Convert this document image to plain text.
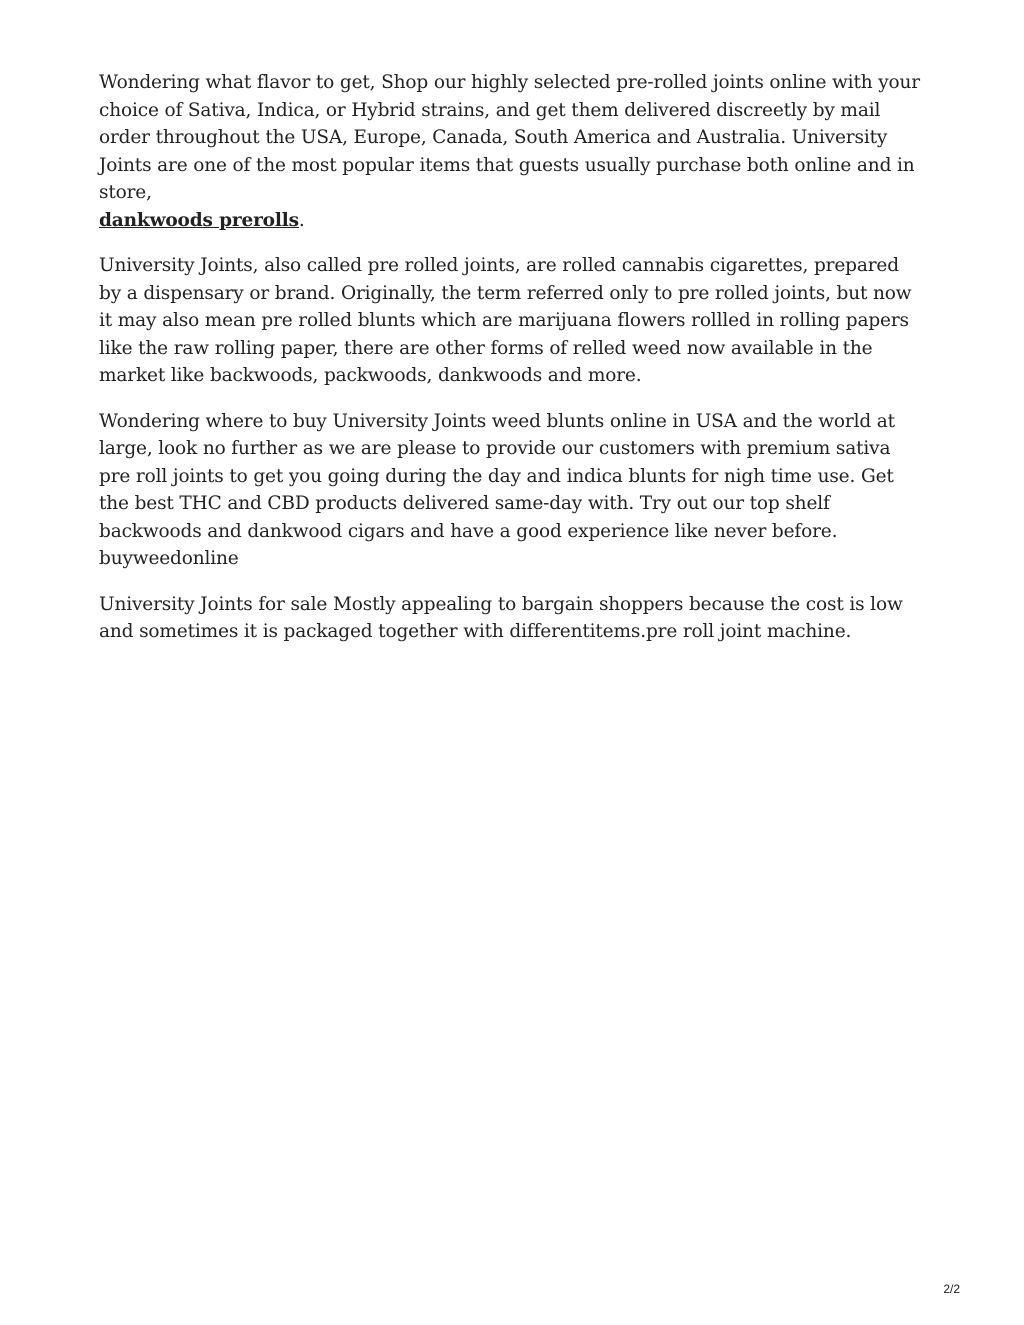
Wondering what flavor to get, Shop our highly selected pre-rolled joints online with your choice of Sativa, Indica, or Hybrid strains, and get them delivered discreetly by mail order throughout the USA, Europe, Canada, South America and Australia. University Joints are one of the most popular items that guests usually purchase both online and in store,
dankwoods prerolls.

University Joints, also called pre rolled joints, are rolled cannabis cigarettes, prepared by a dispensary or brand. Originally, the term referred only to pre rolled joints, but now it may also mean pre rolled blunts which are marijuana flowers rollled in rolling papers like the raw rolling paper, there are other forms of relled weed now available in the market like backwoods, packwoods, dankwoods and more.

Wondering where to buy University Joints weed blunts online in USA and the world at large, look no further as we are please to provide our customers with premium sativa pre roll joints to get you going during the day and indica blunts for nigh time use. Get the best THC and CBD products delivered same-day with. Try out our top shelf backwoods and dankwood cigars and have a good experience like never before. buyweedonline

University Joints for sale Mostly appealing to bargain shoppers because the cost is low and sometimes it is packaged together with differentitems.pre roll joint machine.

2/2
